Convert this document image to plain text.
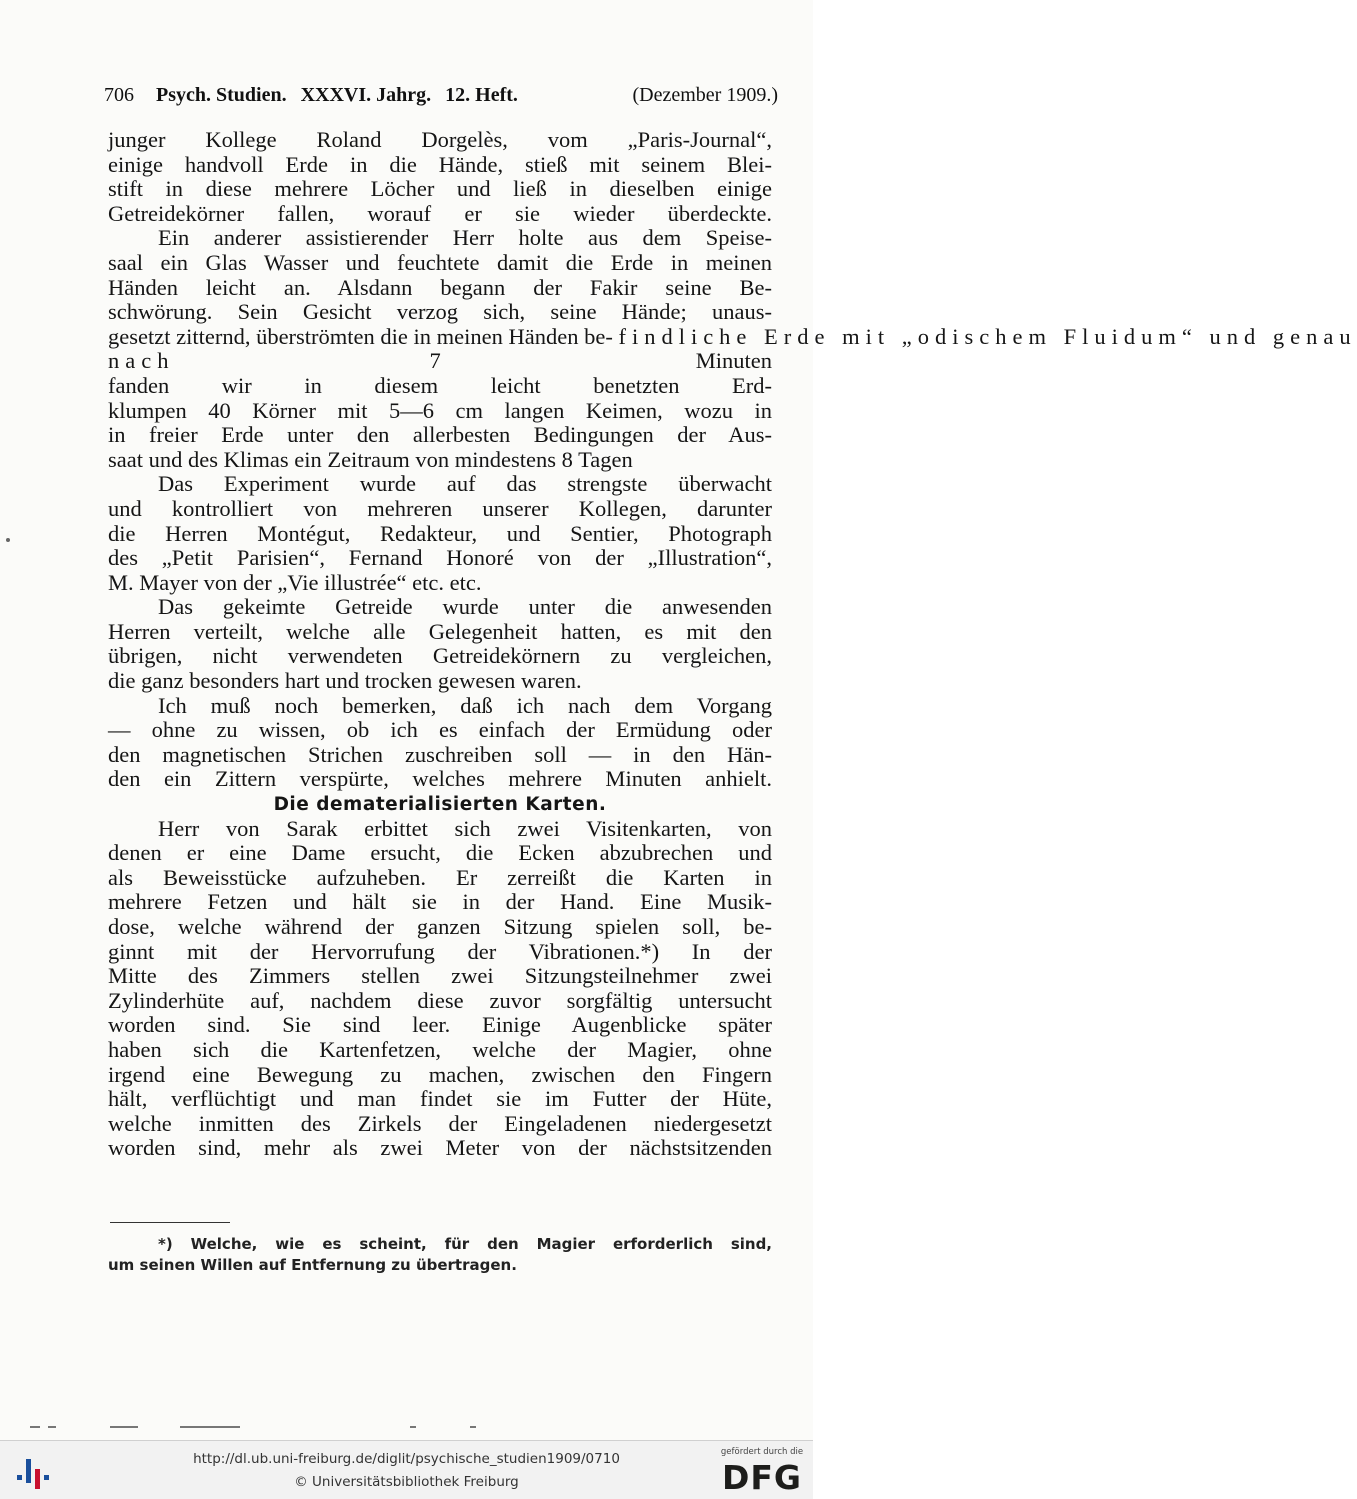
706	Psych. Studien. XXXVI. Jahrg. 12. Heft.	(Dezember 1909.)
junger Kollege Roland Dorgelès, vom „Paris-Journal“,
einige handvoll Erde in die Hände, stieß mit seinem Blei-
stift in diese mehrere Löcher und ließ in dieselben einige
Getreidekörner fallen, worauf er sie wieder überdeckte.
Ein anderer assistierender Herr holte aus dem Speise-
saal ein Glas Wasser und feuchtete damit die Erde in meinen
Händen leicht an. Alsdann begann der Fakir seine Be-
schwörung. Sein Gesicht verzog sich, seine Hände; unaus-
gesetzt zitternd, überströmten die in meinen Händen be- findliche Erde mit „odischem Fluidum“ und genau
nach	7 Minuten
fanden wir in diesem leicht benetzten Erd-
klumpen 40 Körner mit 5—6 cm langen Keimen, wozu in
in freier Erde unter den allerbesten Bedingungen der Aus-
saat und des Klimas ein Zeitraum von mindestens 8 Tagen
Das Experiment wurde auf das strengste überwacht
und kontrolliert von mehreren unserer Kollegen, darunter
die Herren Montégut, Redakteur, und Sentier, Photograph
des „Petit Parisien“, Fernand Honoré von der „Illustration“,
M. Mayer von der „Vie illustrée“ etc. etc.
Das gekeimte Getreide wurde unter die anwesenden
Herren verteilt, welche alle Gelegenheit hatten, es mit den
übrigen, nicht verwendeten Getreidekörnern zu vergleichen,
die ganz besonders hart und trocken gewesen waren.
Ich muß noch bemerken, daß ich nach dem Vorgang
— ohne zu wissen, ob ich es einfach der Ermüdung oder
den magnetischen Strichen zuschreiben soll — in den Hän-
den ein Zittern verspürte, welches mehrere Minuten anhielt.
Die dematerialisierten Karten.
Herr von Sarak erbittet sich zwei Visitenkarten, von
denen er eine Dame ersucht, die Ecken abzubrechen und
als Beweisstücke aufzuheben. Er zerreißt die Karten in
mehrere Fetzen und hält sie in der Hand. Eine Musik-
dose, welche während der ganzen Sitzung spielen soll, be-
ginnt mit der Hervorrufung der Vibrationen.*) In der
Mitte des Zimmers stellen zwei Sitzungsteilnehmer zwei
Zylinderhüte auf, nachdem diese zuvor sorgfältig untersucht
worden sind. Sie sind leer. Einige Augenblicke später
haben sich die Kartenfetzen, welche der Magier, ohne
irgend eine Bewegung zu machen, zwischen den Fingern
hält, verflüchtigt und man findet sie im Futter der Hüte,
welche inmitten des Zirkels der Eingeladenen niedergesetzt
worden sind, mehr als zwei Meter von der nächstsitzenden
*) Welche, wie es scheint, für den Magier erforderlich sind,
um seinen Willen auf Entfernung zu übertragen.
http://dl.ub.uni-freiburg.de/diglit/psychische_studien1909/0710
© Universitätsbibliothek Freiburg
gefördert durch die
DFG
